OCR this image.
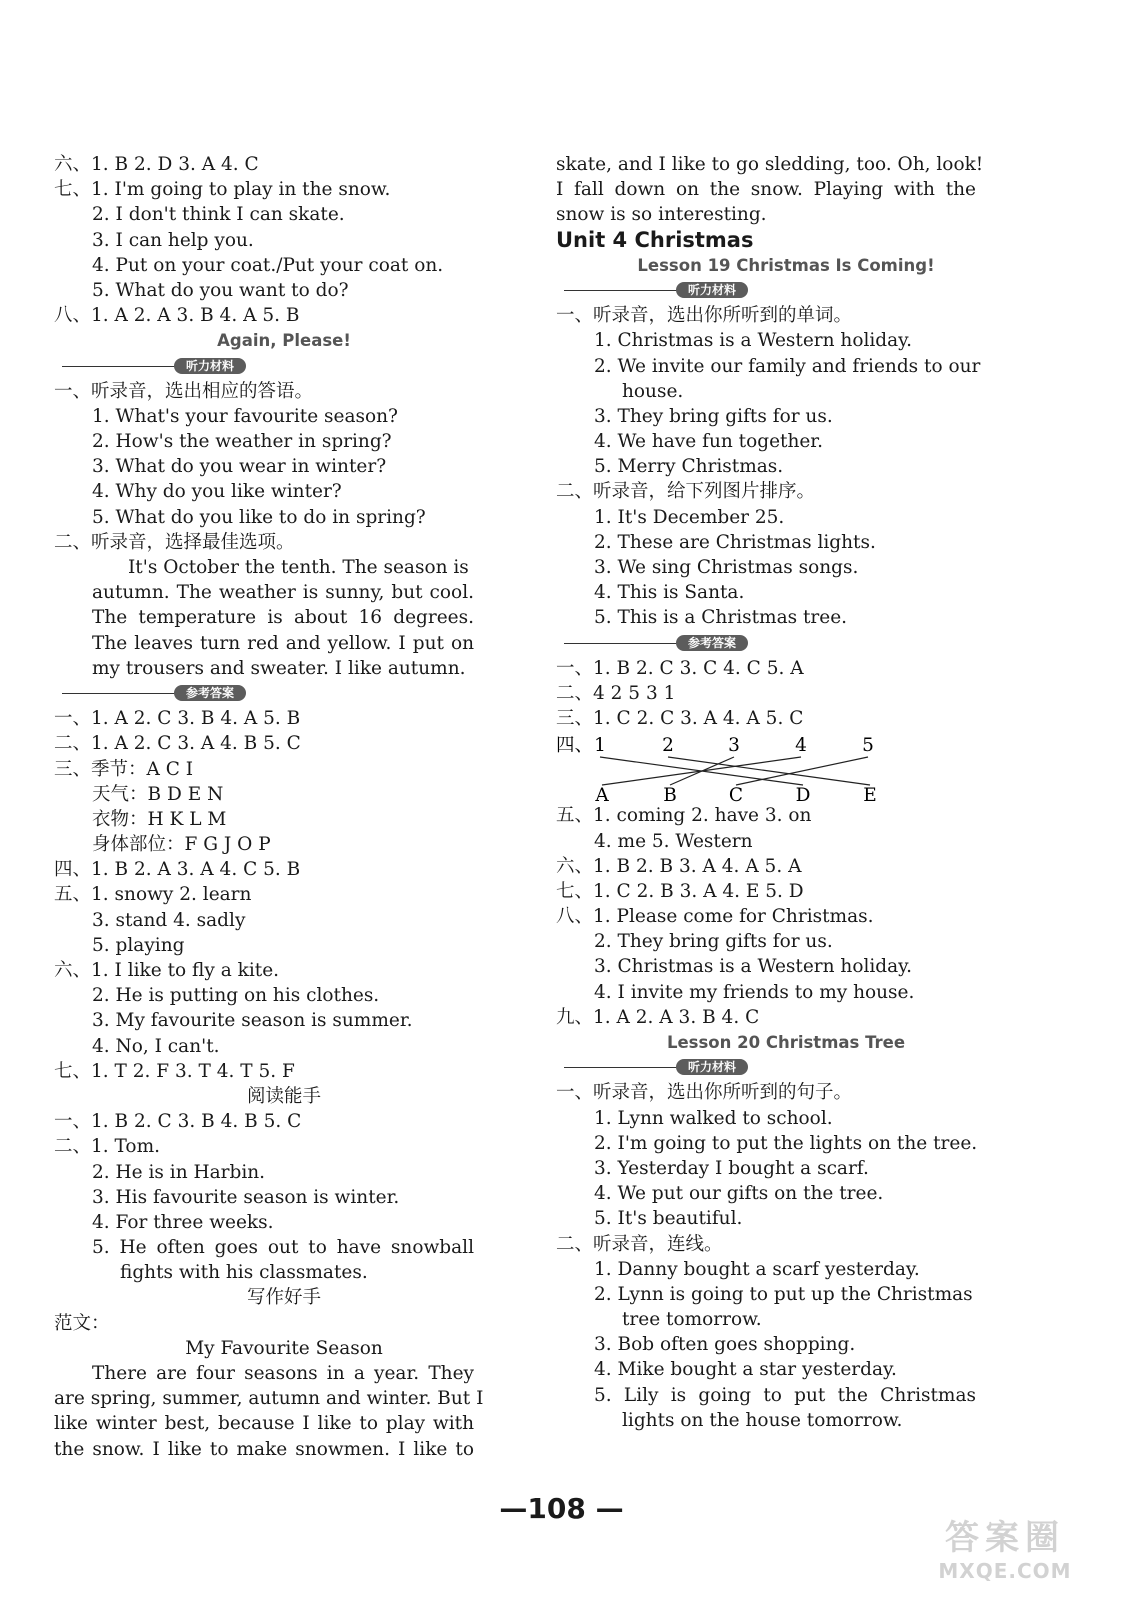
六、1. B 2. D 3. A 4. C
七、1. I'm going to play in the snow.
2. I don't think I can skate.
3. I can help you.
4. Put on your coat./Put your coat on.
5. What do you want to do?
八、1. A 2. A 3. B 4. A 5. B
Again, Please!
听力材料
一、听录音，选出相应的答语。
1. What's your favourite season?
2. How's the weather in spring?
3. What do you wear in winter?
4. Why do you like winter?
5. What do you like to do in spring?
二、听录音，选择最佳选项。
It's October the tenth. The season is
autumn. The weather is sunny, but cool.
The temperature is about 16 degrees.
The leaves turn red and yellow. I put on
my trousers and sweater. I like autumn.
参考答案
一、1. A 2. C 3. B 4. A 5. B
二、1. A 2. C 3. A 4. B 5. C
三、季节：A C I
天气：B D E N
衣物：H K L M
身体部位：F G J O P
四、1. B 2. A 3. A 4. C 5. B
五、1. snowy 2. learn
3. stand 4. sadly
5. playing
六、1. I like to fly a kite.
2. He is putting on his clothes.
3. My favourite season is summer.
4. No, I can't.
七、1. T 2. F 3. T 4. T 5. F
阅读能手
一、1. B 2. C 3. B 4. B 5. C
二、1. Tom.
2. He is in Harbin.
3. His favourite season is winter.
4. For three weeks.
5. He often goes out to have snowball
fights with his classmates.
写作好手
范文：
My Favourite Season
There are four seasons in a year. They
are spring, summer, autumn and winter. But I
like winter best, because I like to play with
the snow. I like to make snowmen. I like to
skate, and I like to go sledding, too. Oh, look!
I fall down on the snow. Playing with the
snow is so interesting.
Unit 4 Christmas
Lesson 19 Christmas Is Coming!
听力材料
一、听录音，选出你所听到的单词。
1. Christmas is a Western holiday.
2. We invite our family and friends to our
house.
3. They bring gifts for us.
4. We have fun together.
5. Merry Christmas.
二、听录音，给下列图片排序。
1. It's December 25.
2. These are Christmas lights.
3. We sing Christmas songs.
4. This is Santa.
5. This is a Christmas tree.
参考答案
一、1. B 2. C 3. C 4. C 5. A
二、4 2 5 3 1
三、1. C 2. C 3. A 4. A 5. C
四、 1	2	3	4	5
A	B	C	D	E
五、1. coming 2. have 3. on
4. me 5. Western
六、1. B 2. B 3. A 4. A 5. A
七、1. C 2. B 3. A 4. E 5. D
八、1. Please come for Christmas.
2. They bring gifts for us.
3. Christmas is a Western holiday.
4. I invite my friends to my house.
九、1. A 2. A 3. B 4. C
Lesson 20 Christmas Tree
听力材料
一、听录音，选出你所听到的句子。
1. Lynn walked to school.
2. I'm going to put the lights on the tree.
3. Yesterday I bought a scarf.
4. We put our gifts on the tree.
5. It's beautiful.
二、听录音，连线。
1. Danny bought a scarf yesterday.
2. Lynn is going to put up the Christmas
tree tomorrow.
3. Bob often goes shopping.
4. Mike bought a star yesterday.
5. Lily is going to put the Christmas
lights on the house tomorrow.
—108 —
答案圈
MXQE.COM
